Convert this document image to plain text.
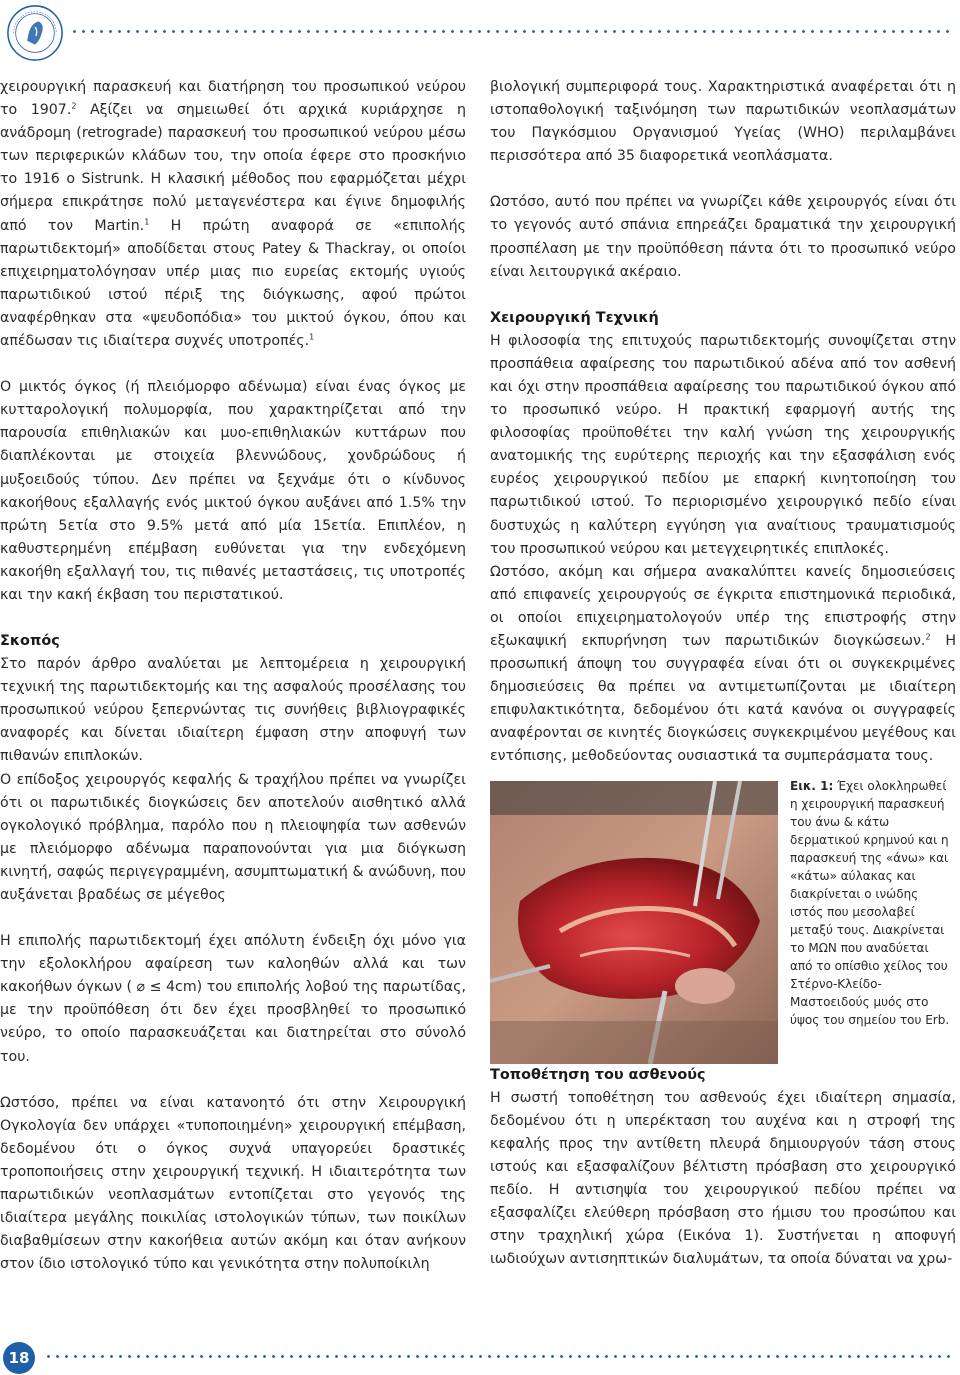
χειρουργική παρασκευή και διατήρηση του προσωπικού νεύρου το 1907.$^2$ Αξίζει να σημειωθεί ότι αρχικά κυριάρχησε η ανάδρομη (retrograde) παρασκευή του προσωπικού νεύρου μέσω των περιφερικών κλάδων του, την οποία έφερε στο προσκήνιο το 1916 ο Sistrunk. Η κλασική μέθοδος που εφαρμόζεται μέχρι σήμερα επικράτησε πολύ μεταγενέστερα και έγινε δημοφιλής από τον Martin.$^1$ Η πρώτη αναφορά σε «επιπολής παρωτιδεκτομή» αποδίδεται στους Patey & Thackray, οι οποίοι επιχειρηματολόγησαν υπέρ μιας πιο ευρείας εκτομής υγιούς παρωτιδικού ιστού πέριξ της διόγκωσης, αφού πρώτοι αναφέρθηκαν στα «ψευδοπόδια» του μικτού όγκου, όπου και απέδωσαν τις ιδιαίτερα συχνές υποτροπές.$^1$

Ο μικτός όγκος (ή πλειόμορφο αδένωμα) είναι ένας όγκος με κυτταρολογική πολυμορφία, που χαρακτηρίζεται από την παρουσία επιθηλιακών και μυο-επιθηλιακών κυττάρων που διαπλέκονται με στοιχεία βλεννώδους, χονδρώδους ή μυξοειδούς τύπου. Δεν πρέπει να ξεχνάμε ότι ο κίνδυνος κακοήθους εξαλλαγής ενός μικτού όγκου αυξάνει από 1.5% την πρώτη 5ετία στο 9.5% μετά από μία 15ετία. Επιπλέον, η καθυστερημένη επέμβαση ευθύνεται για την ενδεχόμενη κακοήθη εξαλλαγή του, τις πιθανές μεταστάσεις, τις υποτροπές και την κακή έκβαση του περιστατικού.

Σκοπός

Στο παρόν άρθρο αναλύεται με λεπτομέρεια η χειρουργική τεχνική της παρωτιδεκτομής και της ασφαλούς προσέλασης του προσωπικού νεύρου ξεπερνώντας τις συνήθεις βιβλιογραφικές αναφορές και δίνεται ιδιαίτερη έμφαση στην αποφυγή των πιθανών επιπλοκών.

Ο επίδοξος χειρουργός κεφαλής & τραχήλου πρέπει να γνωρίζει ότι οι παρωτιδικές διογκώσεις δεν αποτελούν αισθητικό αλλά ογκολογικό πρόβλημα, παρόλο που η πλειοψηφία των ασθενών με πλειόμορφο αδένωμα παραπονούνται για μια διόγκωση κινητή, σαφώς περιγεγραμμένη, ασυμπτωματική & ανώδυνη, που αυξάνεται βραδέως σε μέγεθος

Η επιπολής παρωτιδεκτομή έχει απόλυτη ένδειξη όχι μόνο για την εξολοκλήρου αφαίρεση των καλοηθών αλλά και των κακοήθων όγκων ( ⌀ ≤ 4cm) του επιπολής λοβού της παρωτίδας, με την προϋπόθεση ότι δεν έχει προσβληθεί το προσωπικό νεύρο, το οποίο παρασκευάζεται και διατηρείται στο σύνολό του.

Ωστόσο, πρέπει να είναι κατανοητό ότι στην Χειρουργική Ογκολογία δεν υπάρχει «τυποποιημένη» χειρουργική επέμβαση, δεδομένου ότι ο όγκος συχνά υπαγορεύει δραστικές τροποποιήσεις στην χειρουργική τεχνική. Η ιδιαιτερότητα των παρωτιδικών νεοπλασμάτων εντοπίζεται στο γεγονός της ιδιαίτερα μεγάλης ποικιλίας ιστολογικών τύπων, των ποικίλων διαβαθμίσεων στην κακοήθεια αυτών ακόμη και όταν ανήκουν στον ίδιο ιστολογικό τύπο και γενικότητα στην πολυποίκιλη

βιολογική συμπεριφορά τους. Χαρακτηριστικά αναφέρεται ότι η ιστοπαθολογική ταξινόμηση των παρωτιδικών νεοπλασμάτων του Παγκόσμιου Οργανισμού Υγείας (WHO) περιλαμβάνει περισσότερα από 35 διαφορετικά νεοπλάσματα.

Ωστόσο, αυτό που πρέπει να γνωρίζει κάθε χειρουργός είναι ότι το γεγονός αυτό σπάνια επηρεάζει δραματικά την χειρουργική προσπέλαση με την προϋπόθεση πάντα ότι το προσωπικό νεύρο είναι λειτουργικά ακέραιο.

Χειρουργική Τεχνική

Η φιλοσοφία της επιτυχούς παρωτιδεκτομής συνοψίζεται στην προσπάθεια αφαίρεσης του παρωτιδικού αδένα από τον ασθενή και όχι στην προσπάθεια αφαίρεσης του παρωτιδικού όγκου από το προσωπικό νεύρο. Η πρακτική εφαρμογή αυτής της φιλοσοφίας προϋποθέτει την καλή γνώση της χειρουργικής ανατομικής της ευρύτερης περιοχής και την εξασφάλιση ενός ευρέος χειρουργικού πεδίου με επαρκή κινητοποίηση του παρωτιδικού ιστού. Το περιορισμένο χειρουργικό πεδίο είναι δυστυχώς η καλύτερη εγγύηση για αναίτιους τραυματισμούς του προσωπικού νεύρου και μετεγχειρητικές επιπλοκές.

Ωστόσο, ακόμη και σήμερα ανακαλύπτει κανείς δημοσιεύσεις από επιφανείς χειρουργούς σε έγκριτα επιστημονικά περιοδικά, οι οποίοι επιχειρηματολογούν υπέρ της επιστροφής στην εξωκαψική εκπυρήνηση των παρωτιδικών διογκώσεων.$^2$ Η προσωπική άποψη του συγγραφέα είναι ότι οι συγκεκριμένες δημοσιεύσεις θα πρέπει να αντιμετωπίζονται με ιδιαίτερη επιφυλακτικότητα, δεδομένου ότι κατά κανόνα οι συγγραφείς αναφέρονται σε κινητές διογκώσεις συγκεκριμένου μεγέθους και εντόπισης, μεθοδεύοντας ουσιαστικά τα συμπεράσματα τους.

Εικ. 1: Έχει ολοκληρωθεί η χειρουργική παρασκευή του άνω & κάτω δερματικού κρημνού και η παρασκευή της «άνω» και «κάτω» αύλακας και διακρίνεται ο ινώδης ιστός που μεσολαβεί μεταξύ τους. Διακρίνεται το ΜΩΝ που αναδύεται από το οπίσθιο χείλος του Στέρνο-Κλείδο-Μαστοειδούς μυός στο ύψος του σημείου του Erb.
Τοποθέτηση του ασθενούς

Η σωστή τοποθέτηση του ασθενούς έχει ιδιαίτερη σημασία, δεδομένου ότι η υπερέκταση του αυχένα και η στροφή της κεφαλής προς την αντίθετη πλευρά δημιουργούν τάση στους ιστούς και εξασφαλίζουν βέλτιστη πρόσβαση στο χειρουργικό πεδίο. Η αντισηψία του χειρουργικού πεδίου πρέπει να εξασφαλίζει ελεύθερη πρόσβαση στο ήμισυ του προσώπου και στην τραχηλική χώρα (Εικόνα 1). Συστήνεται η αποφυγή ιωδιούχων αντισηπτικών διαλυμάτων, τα οποία δύναται να χρω-

18
